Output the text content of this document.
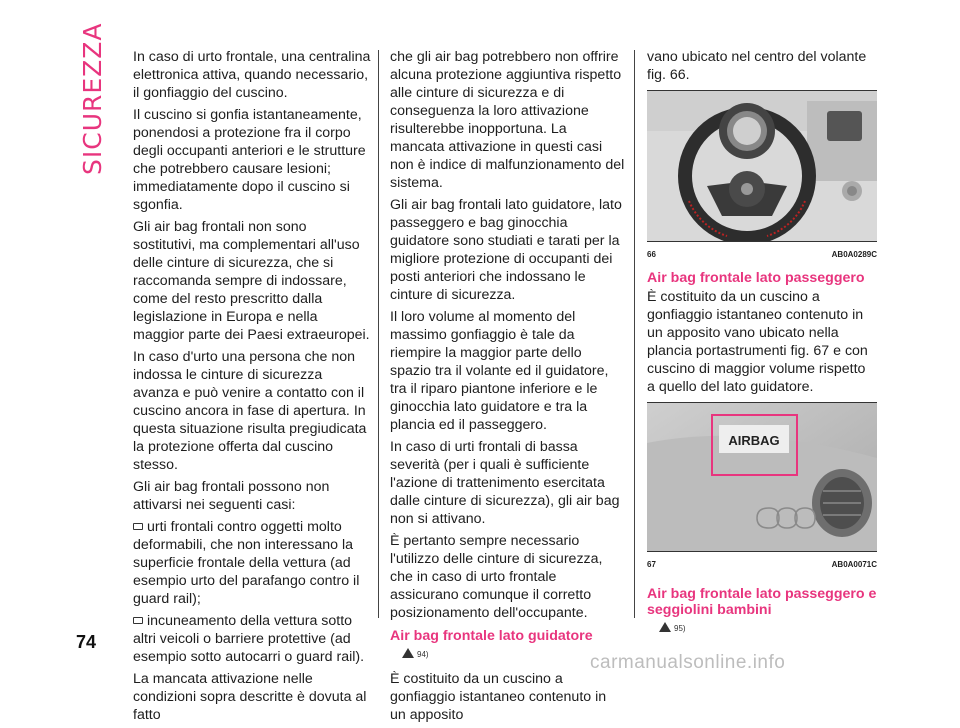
SICUREZZA In caso di urto frontale, una centralina elettronica attiva, quando necessario, il gonfiaggio del cuscino.

Il cuscino si gonfia istantaneamente, ponendosi a protezione fra il corpo degli occupanti anteriori e le strutture che potrebbero causare lesioni; immediatamente dopo il cuscino si sgonfia.

Gli air bag frontali non sono sostitutivi, ma complementari all'uso delle cinture di sicurezza, che si raccomanda sempre di indossare, come del resto prescritto dalla legislazione in Europa e nella maggior parte dei Paesi extraeuropei.

In caso d'urto una persona che non indossa le cinture di sicurezza avanza e può venire a contatto con il cuscino ancora in fase di apertura. In questa situazione risulta pregiudicata la protezione offerta dal cuscino stesso.

Gli air bag frontali possono non attivarsi nei seguenti casi:

urti frontali contro oggetti molto deformabili, che non interessano la superficie frontale della vettura (ad esempio urto del parafango contro il guard rail);

incuneamento della vettura sotto altri veicoli o barriere protettive (ad esempio sotto autocarri o guard rail).

La mancata attivazione nelle condizioni sopra descritte è dovuta al fatto

che gli air bag potrebbero non offrire alcuna protezione aggiuntiva rispetto alle cinture di sicurezza e di conseguenza la loro attivazione risulterebbe inopportuna. La mancata attivazione in questi casi non è indice di malfunzionamento del sistema.

Gli air bag frontali lato guidatore, lato passeggero e bag ginocchia guidatore sono studiati e tarati per la migliore protezione di occupanti dei posti anteriori che indossano le cinture di sicurezza.

Il loro volume al momento del massimo gonfiaggio è tale da riempire la maggior parte dello spazio tra il volante ed il guidatore, tra il riparo piantone inferiore e le ginocchia lato guidatore e tra la plancia ed il passeggero.

In caso di urti frontali di bassa severità (per i quali è sufficiente l'azione di trattenimento esercitata dalle cinture di sicurezza), gli air bag non si attivano.

È pertanto sempre necessario l'utilizzo delle cinture di sicurezza, che in caso di urto frontale assicurano comunque il corretto posizionamento dell'occupante.

Air bag frontale lato guidatore
94)

È costituito da un cuscino a gonfiaggio istantaneo contenuto in un apposito

vano ubicato nel centro del volante fig. 66.

66	AB0A0289C
Air bag frontale lato passeggero

È costituito da un cuscino a gonfiaggio istantaneo contenuto in un apposito vano ubicato nella plancia portastrumenti fig. 67 e con cuscino di maggior volume rispetto a quello del lato guidatore.

AIRBAG
67	AB0A0071C
Air bag frontale lato passeggero e seggiolini bambini
95)
74
carmanualsonline.info
